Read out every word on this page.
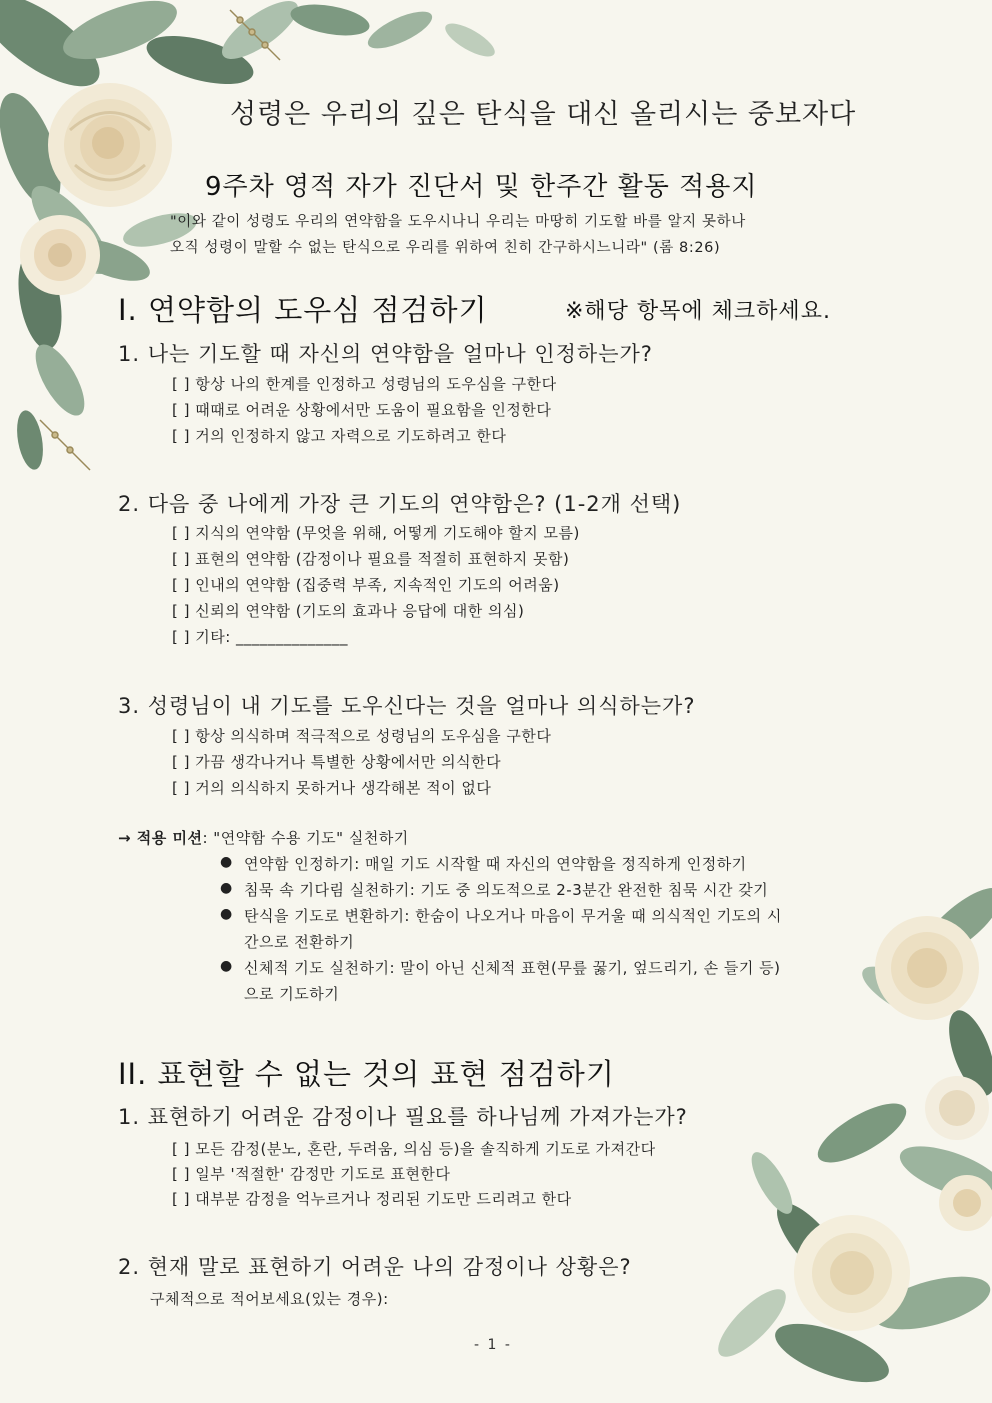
성령은 우리의 깊은 탄식을 대신 올리시는 중보자다
9주차 영적 자가 진단서 및 한주간 활동 적용지
"이와 같이 성령도 우리의 연약함을 도우시나니 우리는 마땅히 기도할 바를 알지 못하나
오직 성령이 말할 수 없는 탄식으로 우리를 위하여 친히 간구하시느니라" (롬 8:26)
I. 연약함의 도우심 점검하기	※해당 항목에 체크하세요.
1. 나는 기도할 때 자신의 연약함을 얼마나 인정하는가?
[ ] 항상 나의 한계를 인정하고 성령님의 도우심을 구한다
[ ] 때때로 어려운 상황에서만 도움이 필요함을 인정한다
[ ] 거의 인정하지 않고 자력으로 기도하려고 한다
2. 다음 중 나에게 가장 큰 기도의 연약함은? (1-2개 선택)
[ ] 지식의 연약함 (무엇을 위해, 어떻게 기도해야 할지 모름)
[ ] 표현의 연약함 (감정이나 필요를 적절히 표현하지 못함)
[ ] 인내의 연약함 (집중력 부족, 지속적인 기도의 어려움)
[ ] 신뢰의 연약함 (기도의 효과나 응답에 대한 의심)
[ ] 기타: ______________
3. 성령님이 내 기도를 도우신다는 것을 얼마나 의식하는가?
[ ] 항상 의식하며 적극적으로 성령님의 도우심을 구한다
[ ] 가끔 생각나거나 특별한 상황에서만 의식한다
[ ] 거의 의식하지 못하거나 생각해본 적이 없다
→ 적용 미션: "연약함 수용 기도" 실천하기
● 연약함 인정하기: 매일 기도 시작할 때 자신의 연약함을 정직하게 인정하기
● 침묵 속 기다림 실천하기: 기도 중 의도적으로 2-3분간 완전한 침묵 시간 갖기
● 탄식을 기도로 변환하기: 한숨이 나오거나 마음이 무거울 때 의식적인 기도의 시
간으로 전환하기
● 신체적 기도 실천하기: 말이 아닌 신체적 표현(무릎 꿇기, 엎드리기, 손 들기 등)
으로 기도하기
II. 표현할 수 없는 것의 표현 점검하기
1. 표현하기 어려운 감정이나 필요를 하나님께 가져가는가?
[ ] 모든 감정(분노, 혼란, 두려움, 의심 등)을 솔직하게 기도로 가져간다
[ ] 일부 '적절한' 감정만 기도로 표현한다
[ ] 대부분 감정을 억누르거나 정리된 기도만 드리려고 한다
2. 현재 말로 표현하기 어려운 나의 감정이나 상황은?
구체적으로 적어보세요(있는 경우):
- 1 -
